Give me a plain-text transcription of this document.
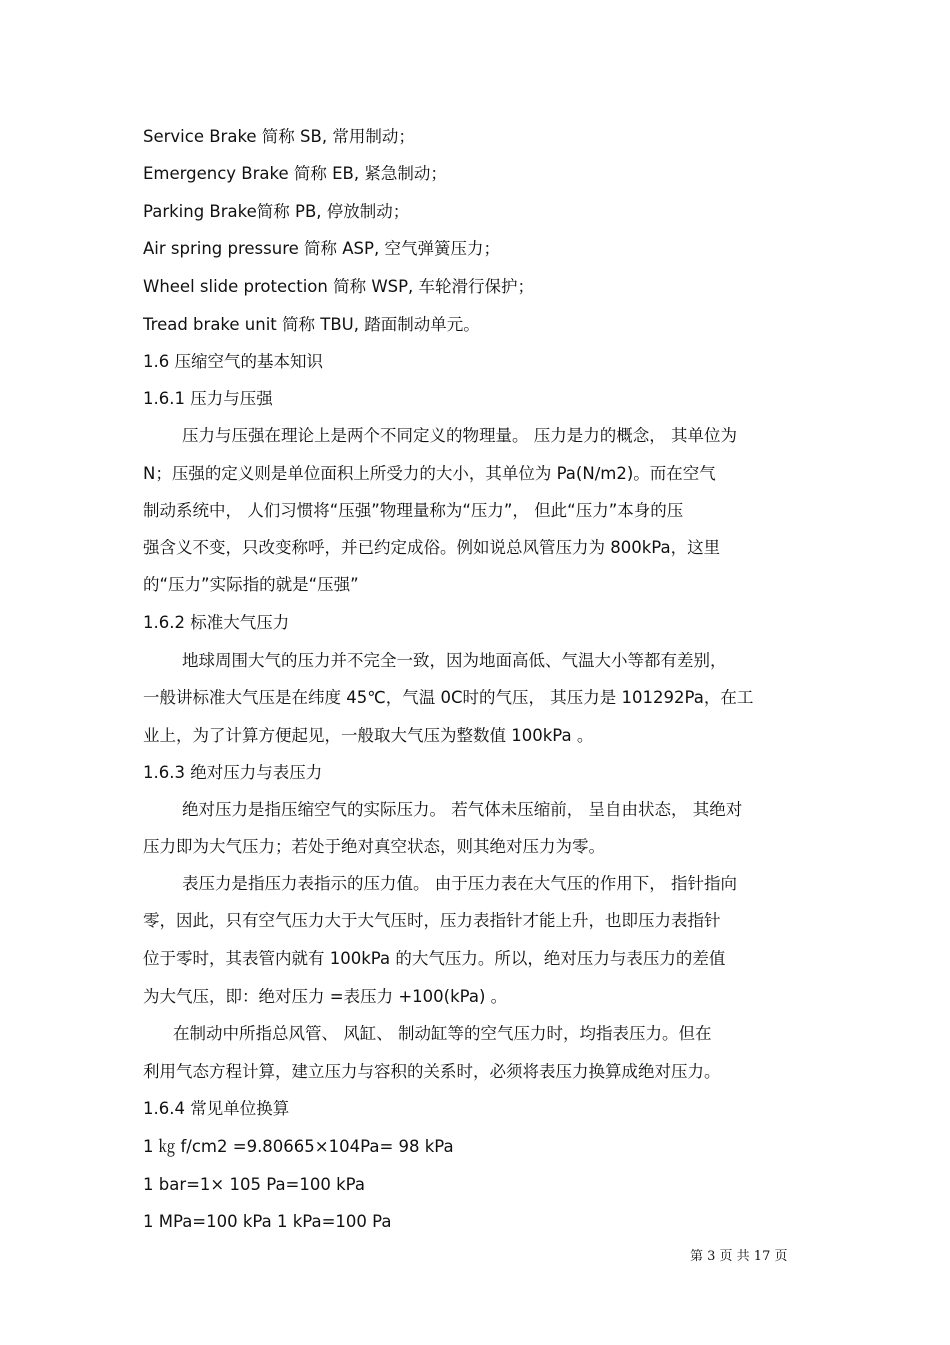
Service Brake 简称 SB, 常用制动；
Emergency Brake 简称 EB, 紧急制动；
Parking Brake简称 PB, 停放制动；
Air spring pressure 简称 ASP, 空气弹簧压力；
Wheel slide protection 简称 WSP, 车轮滑行保护；
Tread brake unit 简称 TBU, 踏面制动单元。
1.6 压缩空气的基本知识
1.6.1 压力与压强
压力与压强在理论上是两个不同定义的物理量。 压力是力的概念， 其单位为
N；压强的定义则是单位面积上所受力的大小，其单位为 Pa(N∕m2)。而在空气
制动系统中， 人们习惯将“压强”物理量称为“压力”， 但此“压力”本身的压
强含义不变，只改变称呼，并已约定成俗。例如说总风管压力为 800kPa，这里
的“压力”实际指的就是“压强”
1.6.2 标准大气压力
地球周围大气的压力并不完全一致，因为地面高低、气温大小等都有差别，
一般讲标准大气压是在纬度 45℃，气温 0C时的气压， 其压力是 101292Pa，在工
业上，为了计算方便起见，一般取大气压为整数值 100kPa 。
1.6.3 绝对压力与表压力
绝对压力是指压缩空气的实际压力。 若气体未压缩前， 呈自由状态， 其绝对
压力即为大气压力；若处于绝对真空状态，则其绝对压力为零。
表压力是指压力表指示的压力值。 由于压力表在大气压的作用下， 指针指向
零，因此，只有空气压力大于大气压时，压力表指针才能上升，也即压力表指针
位于零时，其表管内就有 100kPa 的大气压力。所以，绝对压力与表压力的差值
为大气压，即：绝对压力 =表压力 +100(kPa) 。
在制动中所指总风管、 风缸、 制动缸等的空气压力时，均指表压力。但在
利用气态方程计算，建立压力与容积的关系时，必须将表压力换算成绝对压力。
1.6.4 常见单位换算
1 ㎏ f/cm2 =9.80665×104Pa= 98 kPa
1 bar=1× 105 Pa=100 kPa
1 MPa=100 kPa 1 kPa=100 Pa
第 3 页 共 17 页
